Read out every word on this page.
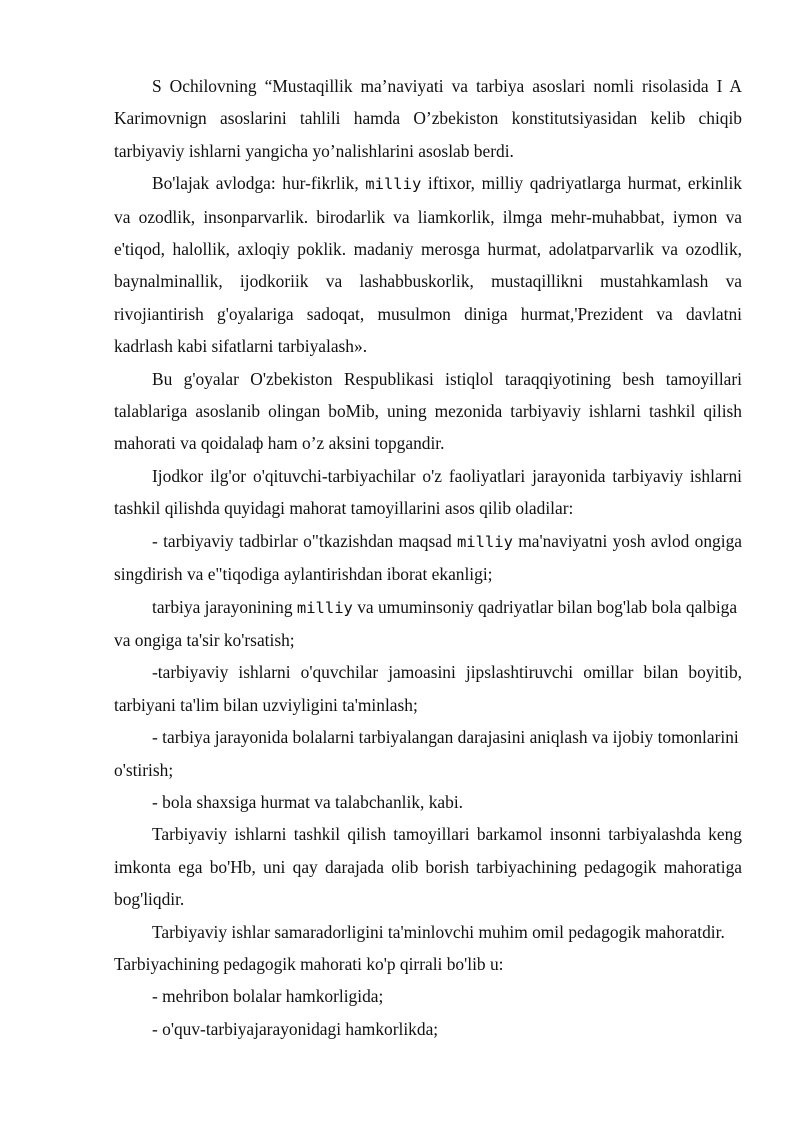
S Ochilovning “Mustaqillik ma’naviyati va tarbiya asoslari nomli risolasida I A Karimovnign asoslarini tahlili hamda O’zbekiston konstitutsiyasidan kelib chiqib tarbiyaviy ishlarni yangicha yo’nalishlarini asoslab berdi.

Bo'lajak avlodga: hur-fikrlik, milliy iftixor, milliy qadriyatlarga hurmat, erkinlik va ozodlik, insonparvarlik. birodarlik va liamkorlik, ilmga mehr-muhabbat, iymon va e'tiqod, halollik, axloqiy poklik. madaniy merosga hurmat, adolatparvarlik va ozodlik, baynalminallik, ijodkoriik va lashabbuskorlik, mustaqillikni mustahkamlash va rivojiantirish g'oyalariga sadoqat, musulmon diniga hurmat,'Prezident va davlatni kadrlash kabi sifatlarni tarbiyalash».

Bu g'oyalar O'zbekiston Respublikasi istiqlol taraqqiyotining besh tamoyillari talablariga asoslanib olingan boMib, uning mezonida tarbiyaviy ishlarni tashkil qilish mahorati va qoidalaф ham o’z aksini topgandir.

Ijodkor ilg'or o'qituvchi-tarbiyachilar o'z faoliyatlari jarayonida tarbiyaviy ishlarni tashkil qilishda quyidagi mahorat tamoyillarini asos qilib oladilar:

- tarbiyaviy tadbirlar o"tkazishdan maqsad milliy ma'naviyatni yosh avlod ongiga singdirish va e"tiqodiga aylantirishdan iborat ekanligi;

tarbiya jarayonining milliy va umuminsoniy qadriyatlar bilan bog'lab bola qalbiga va ongiga ta'sir ko'rsatish;

-tarbiyaviy ishlarni o'quvchilar jamoasini jipslashtiruvchi omillar bilan boyitib, tarbiyani ta'lim bilan uzviyligini ta'minlash;

- tarbiya jarayonida bolalarni tarbiyalangan darajasini aniqlash va ijobiy tomonlarini o'stirish;

- bola shaxsiga hurmat va talabchanlik, kabi.

Tarbiyaviy ishlarni tashkil qilish tamoyillari barkamol insonni tarbiyalashda keng imkonta ega bo'Hb, uni qay darajada olib borish tarbiyachining pedagogik mahoratiga bog'liqdir.

Tarbiyaviy ishlar samaradorligini ta'minlovchi muhim omil pedagogik mahoratdir. Tarbiyachining pedagogik mahorati ko'p qirrali bo'lib u:

- mehribon bolalar hamkorligida;

- o'quv-tarbiyajarayonidagi hamkorlikda;
